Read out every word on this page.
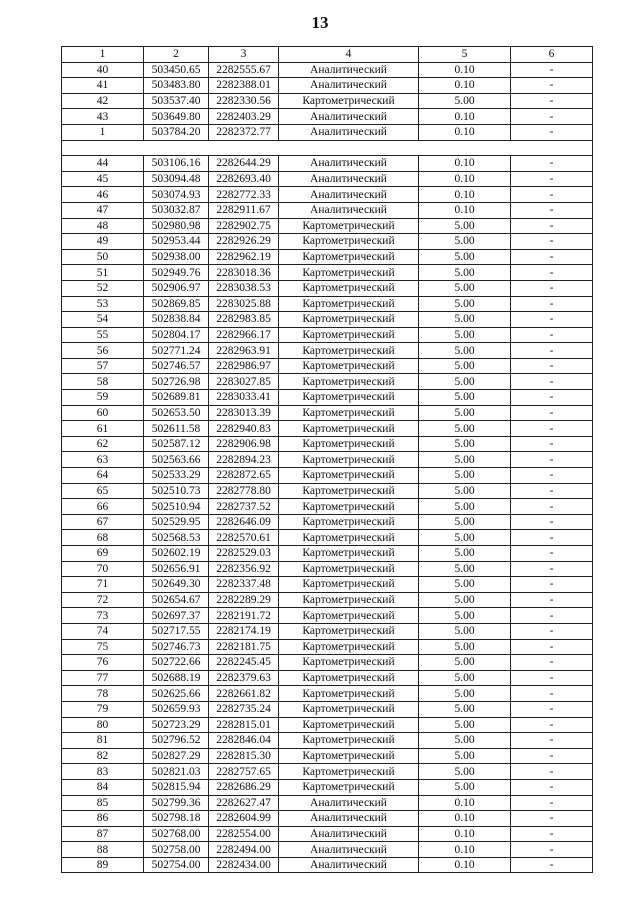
13
1	2	3	4	5	6
40	503450.65	2282555.67	Аналитический	0.10	-
41	503483.80	2282388.01	Аналитический	0.10	-
42	503537.40	2282330.56	Картометрический	5.00	-
43	503649.80	2282403.29	Аналитический	0.10	-
1	503784.20	2282372.77	Аналитический	0.10	-

44	503106.16	2282644.29	Аналитический	0.10	-
45	503094.48	2282693.40	Аналитический	0.10	-
46	503074.93	2282772.33	Аналитический	0.10	-
47	503032.87	2282911.67	Аналитический	0.10	-
48	502980.98	2282902.75	Картометрический	5.00	-
49	502953.44	2282926.29	Картометрический	5.00	-
50	502938.00	2282962.19	Картометрический	5.00	-
51	502949.76	2283018.36	Картометрический	5.00	-
52	502906.97	2283038.53	Картометрический	5.00	-
53	502869.85	2283025.88	Картометрический	5.00	-
54	502838.84	2282983.85	Картометрический	5.00	-
55	502804.17	2282966.17	Картометрический	5.00	-
56	502771.24	2282963.91	Картометрический	5.00	-
57	502746.57	2282986.97	Картометрический	5.00	-
58	502726.98	2283027.85	Картометрический	5.00	-
59	502689.81	2283033.41	Картометрический	5.00	-
60	502653.50	2283013.39	Картометрический	5.00	-
61	502611.58	2282940.83	Картометрический	5.00	-
62	502587.12	2282906.98	Картометрический	5.00	-
63	502563.66	2282894.23	Картометрический	5.00	-
64	502533.29	2282872.65	Картометрический	5.00	-
65	502510.73	2282778.80	Картометрический	5.00	-
66	502510.94	2282737.52	Картометрический	5.00	-
67	502529.95	2282646.09	Картометрический	5.00	-
68	502568.53	2282570.61	Картометрический	5.00	-
69	502602.19	2282529.03	Картометрический	5.00	-
70	502656.91	2282356.92	Картометрический	5.00	-
71	502649.30	2282337.48	Картометрический	5.00	-
72	502654.67	2282289.29	Картометрический	5.00	-
73	502697.37	2282191.72	Картометрический	5.00	-
74	502717.55	2282174.19	Картометрический	5.00	-
75	502746.73	2282181.75	Картометрический	5.00	-
76	502722.66	2282245.45	Картометрический	5.00	-
77	502688.19	2282379.63	Картометрический	5.00	-
78	502625.66	2282661.82	Картометрический	5.00	-
79	502659.93	2282735.24	Картометрический	5.00	-
80	502723.29	2282815.01	Картометрический	5.00	-
81	502796.52	2282846.04	Картометрический	5.00	-
82	502827.29	2282815.30	Картометрический	5.00	-
83	502821.03	2282757.65	Картометрический	5.00	-
84	502815.94	2282686.29	Картометрический	5.00	-
85	502799.36	2282627.47	Аналитический	0.10	-
86	502798.18	2282604.99	Аналитический	0.10	-
87	502768.00	2282554.00	Аналитический	0.10	-
88	502758.00	2282494.00	Аналитический	0.10	-
89	502754.00	2282434.00	Аналитический	0.10	-
